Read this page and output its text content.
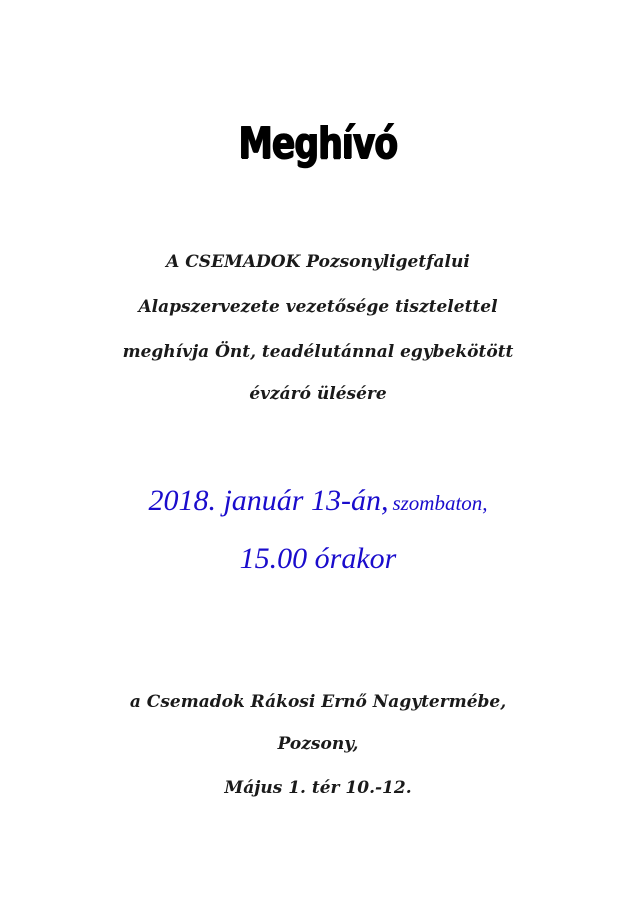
Meghívó
A CSEMADOK Pozsonyligetfalui
Alapszervezete vezetősége tisztelettel
meghívja Önt, teadélutánnal egybekötött
évzáró ülésére
2018. január 13-án, szombaton,
15.00 órakor
a Csemadok Rákosi Ernő Nagytermébe,
Pozsony,
Május 1. tér 10.-12.
